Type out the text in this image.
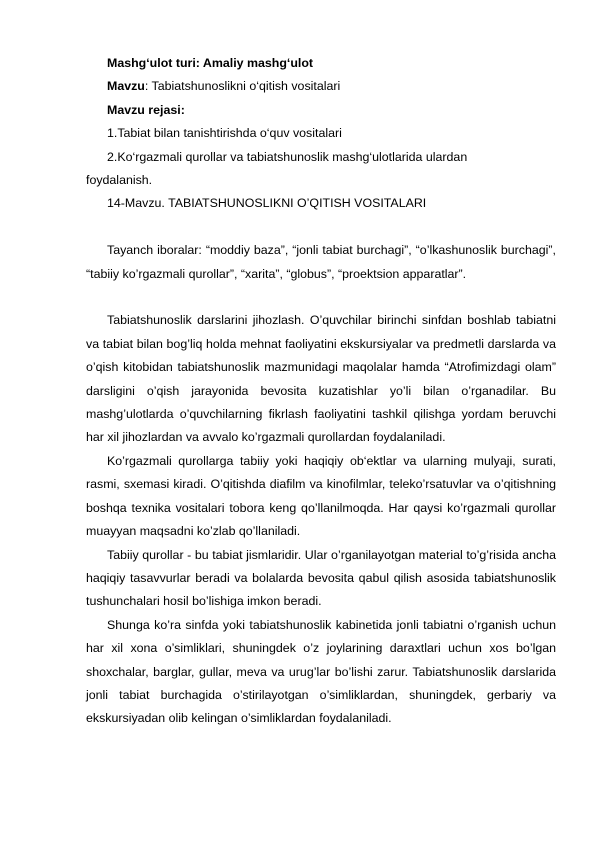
Mashg‘ulot turi: Amaliy mashg‘ulot

Mavzu: Tabiatshunoslikni o‘qitish vositalari

Mavzu rejasi:

1.Tabiat bilan tanishtirishda o‘quv vositalari

2.Ko‘rgazmali qurollar va tabiatshunoslik mashg‘ulotlarida ulardan

foydalanish.

14-Mavzu. TABIATSHUNOSLIKNI O’QITISH VOSITALARI

Tayanch iboralar: “moddiy baza”, “jonli tabiat burchagi”, “o’lkashunoslik burchagi”, “tabiiy ko’rgazmali qurollar”, “xarita”, “globus”, “proektsion apparatlar”.

Tabiatshunoslik darslarini jihozlash. O’quvchilar birinchi sinfdan boshlab tabiatni va tabiat bilan bog’liq holda mehnat faoliyatini ekskursiyalar va predmetli darslarda va o’qish kitobidan tabiatshunoslik mazmunidagi maqolalar hamda “Atrofimizdagi olam” darsligini o’qish jarayonida bevosita kuzatishlar yo’li bilan o’rganadilar. Bu mashg’ulotlarda o’quvchilarning fikrlash faoliyatini tashkil qilishga yordam beruvchi har xil jihozlardan va avvalo ko’rgazmali qurollardan foydalaniladi.

Ko’rgazmali qurollarga tabiiy yoki haqiqiy ob‘ektlar va ularning mulyaji, surati, rasmi, sxemasi kiradi. O’qitishda diafilm va kinofilmlar, teleko’rsatuvlar va o’qitishning boshqa texnika vositalari tobora keng qo’llanilmoqda. Har qaysi ko’rgazmali qurollar muayyan maqsadni ko’zlab qo’llaniladi.

Tabiiy qurollar - bu tabiat jismlaridir. Ular o’rganilayotgan material to’g’risida ancha haqiqiy tasavvurlar beradi va bolalarda bevosita qabul qilish asosida tabiatshunoslik tushunchalari hosil bo’lishiga imkon beradi.

Shunga ko’ra sinfda yoki tabiatshunoslik kabinetida jonli tabiatni o’rganish uchun har xil xona o’simliklari, shuningdek o’z joylarining daraxtlari uchun xos bo’lgan shoxchalar, barglar, gullar, meva va urug’lar bo’lishi zarur. Tabiatshunoslik darslarida jonli tabiat burchagida o’stirilayotgan o’simliklardan, shuningdek, gerbariy va ekskursiyadan olib kelingan o’simliklardan foydalaniladi.
